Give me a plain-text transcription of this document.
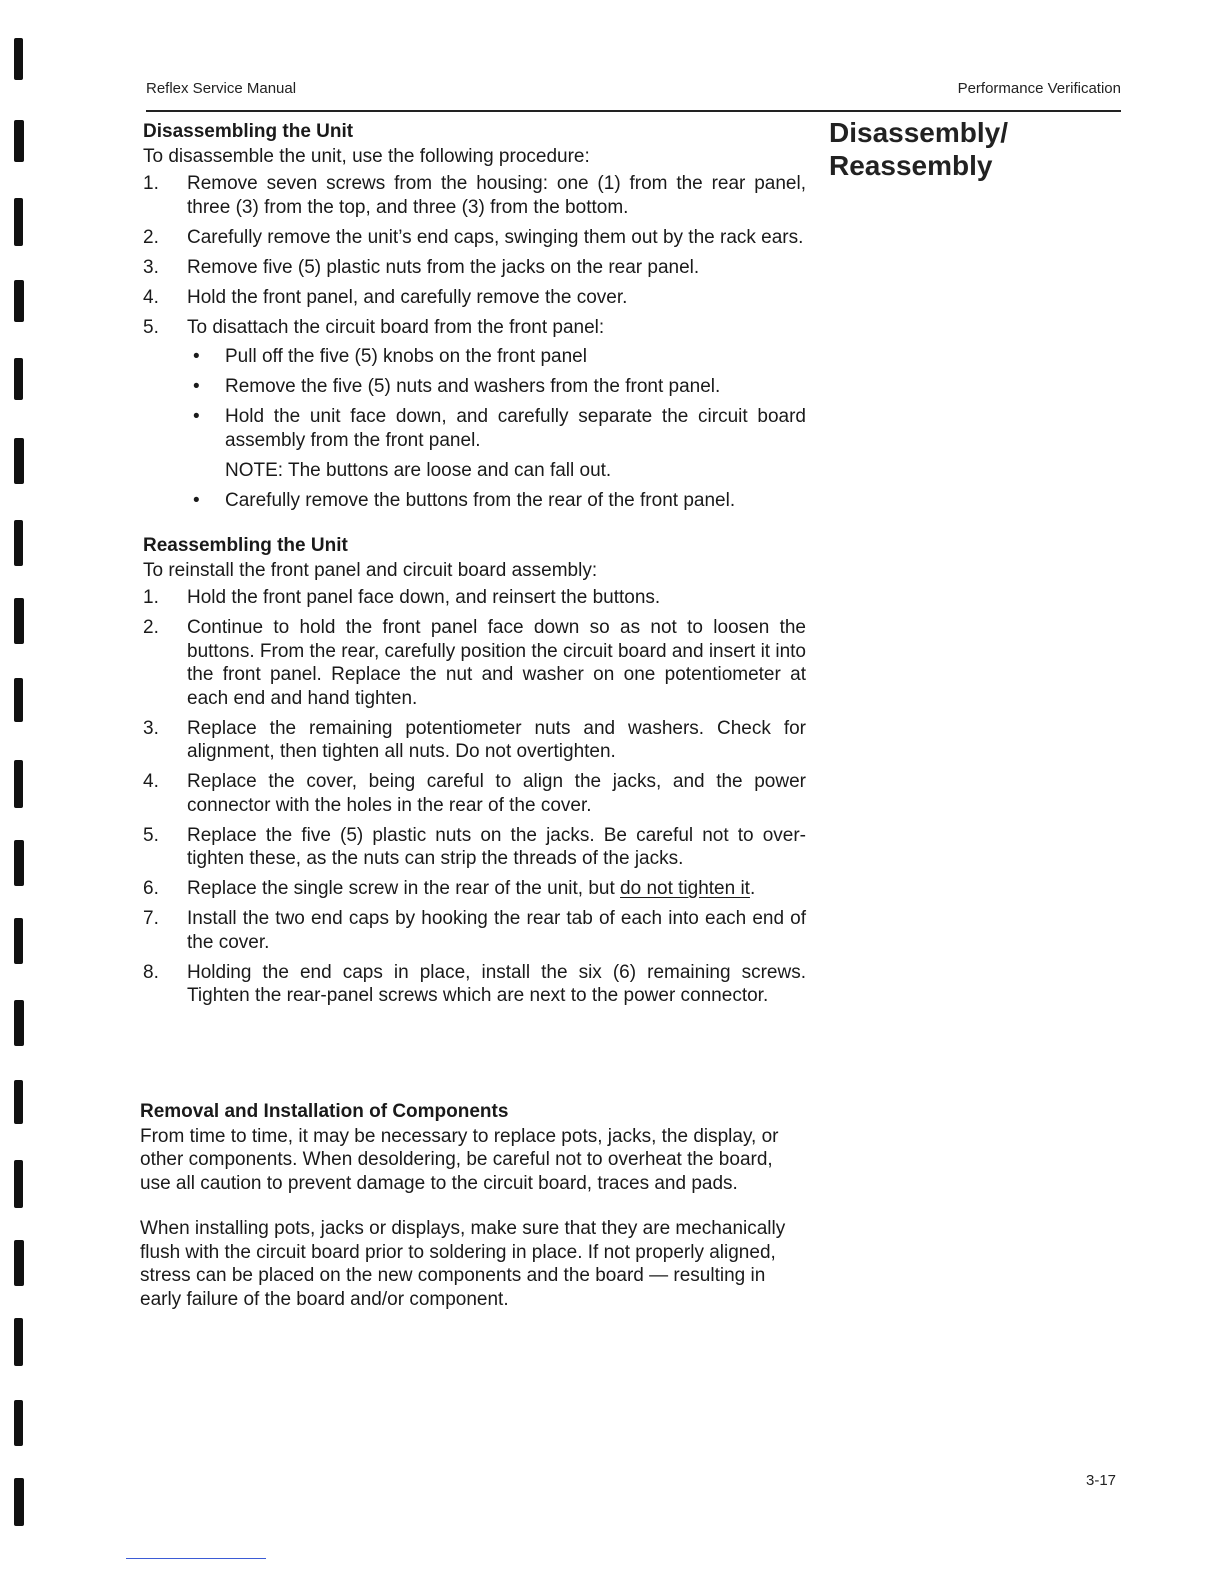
Reflex Service Manual	Performance Verification
Disassembly/
Reassembly
Disassembling the Unit
To disassemble the unit, use the following procedure:
1. Remove seven screws from the housing: one (1) from the rear panel, three (3) from the top, and three (3) from the bottom.
2. Carefully remove the unit’s end caps, swinging them out by the rack ears.
3. Remove five (5) plastic nuts from the jacks on the rear panel.
4. Hold the front panel, and carefully remove the cover.
5. To disattach the circuit board from the front panel:
• Pull off the five (5) knobs on the front panel
• Remove the five (5) nuts and washers from the front panel.
• Hold the unit face down, and carefully separate the circuit board assembly from the front panel.
NOTE: The buttons are loose and can fall out.
• Carefully remove the buttons from the rear of the front panel.
Reassembling the Unit
To reinstall the front panel and circuit board assembly:
1. Hold the front panel face down, and reinsert the buttons.
2. Continue to hold the front panel face down so as not to loosen the buttons. From the rear, carefully position the circuit board and insert it into the front panel. Replace the nut and washer on one potentiometer at each end and hand tighten.
3. Replace the remaining potentiometer nuts and washers. Check for alignment, then tighten all nuts. Do not overtighten.
4. Replace the cover, being careful to align the jacks, and the power connector with the holes in the rear of the cover.
5. Replace the five (5) plastic nuts on the jacks. Be careful not to over-tighten these, as the nuts can strip the threads of the jacks.
6. Replace the single screw in the rear of the unit, but do not tighten it.
7. Install the two end caps by hooking the rear tab of each into each end of the cover.
8. Holding the end caps in place, install the six (6) remaining screws. Tighten the rear-panel screws which are next to the power connector.
Removal and Installation of Components

From time to time, it may be necessary to replace pots, jacks, the display, or other components. When desoldering, be careful not to overheat the board, use all caution to prevent damage to the circuit board, traces and pads.

When installing pots, jacks or displays, make sure that they are mechanically flush with the circuit board prior to soldering in place. If not properly aligned, stress can be placed on the new components and the board — resulting in early failure of the board and/or component.

3-17
